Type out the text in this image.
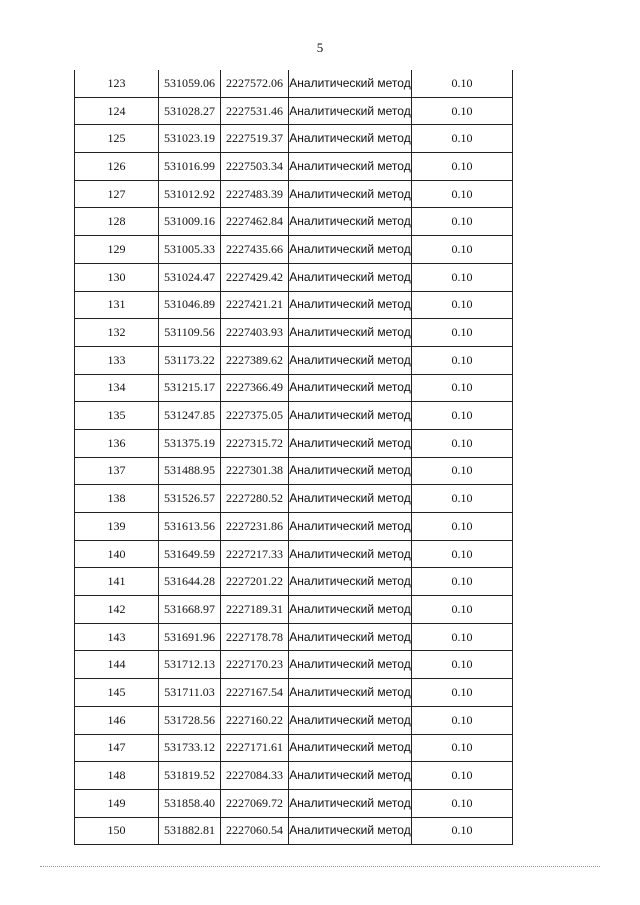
5
123	531059.06	2227572.06	Аналитический метод	0.10
124	531028.27	2227531.46	Аналитический метод	0.10
125	531023.19	2227519.37	Аналитический метод	0.10
126	531016.99	2227503.34	Аналитический метод	0.10
127	531012.92	2227483.39	Аналитический метод	0.10
128	531009.16	2227462.84	Аналитический метод	0.10
129	531005.33	2227435.66	Аналитический метод	0.10
130	531024.47	2227429.42	Аналитический метод	0.10
131	531046.89	2227421.21	Аналитический метод	0.10
132	531109.56	2227403.93	Аналитический метод	0.10
133	531173.22	2227389.62	Аналитический метод	0.10
134	531215.17	2227366.49	Аналитический метод	0.10
135	531247.85	2227375.05	Аналитический метод	0.10
136	531375.19	2227315.72	Аналитический метод	0.10
137	531488.95	2227301.38	Аналитический метод	0.10
138	531526.57	2227280.52	Аналитический метод	0.10
139	531613.56	2227231.86	Аналитический метод	0.10
140	531649.59	2227217.33	Аналитический метод	0.10
141	531644.28	2227201.22	Аналитический метод	0.10
142	531668.97	2227189.31	Аналитический метод	0.10
143	531691.96	2227178.78	Аналитический метод	0.10
144	531712.13	2227170.23	Аналитический метод	0.10
145	531711.03	2227167.54	Аналитический метод	0.10
146	531728.56	2227160.22	Аналитический метод	0.10
147	531733.12	2227171.61	Аналитический метод	0.10
148	531819.52	2227084.33	Аналитический метод	0.10
149	531858.40	2227069.72	Аналитический метод	0.10
150	531882.81	2227060.54	Аналитический метод	0.10
